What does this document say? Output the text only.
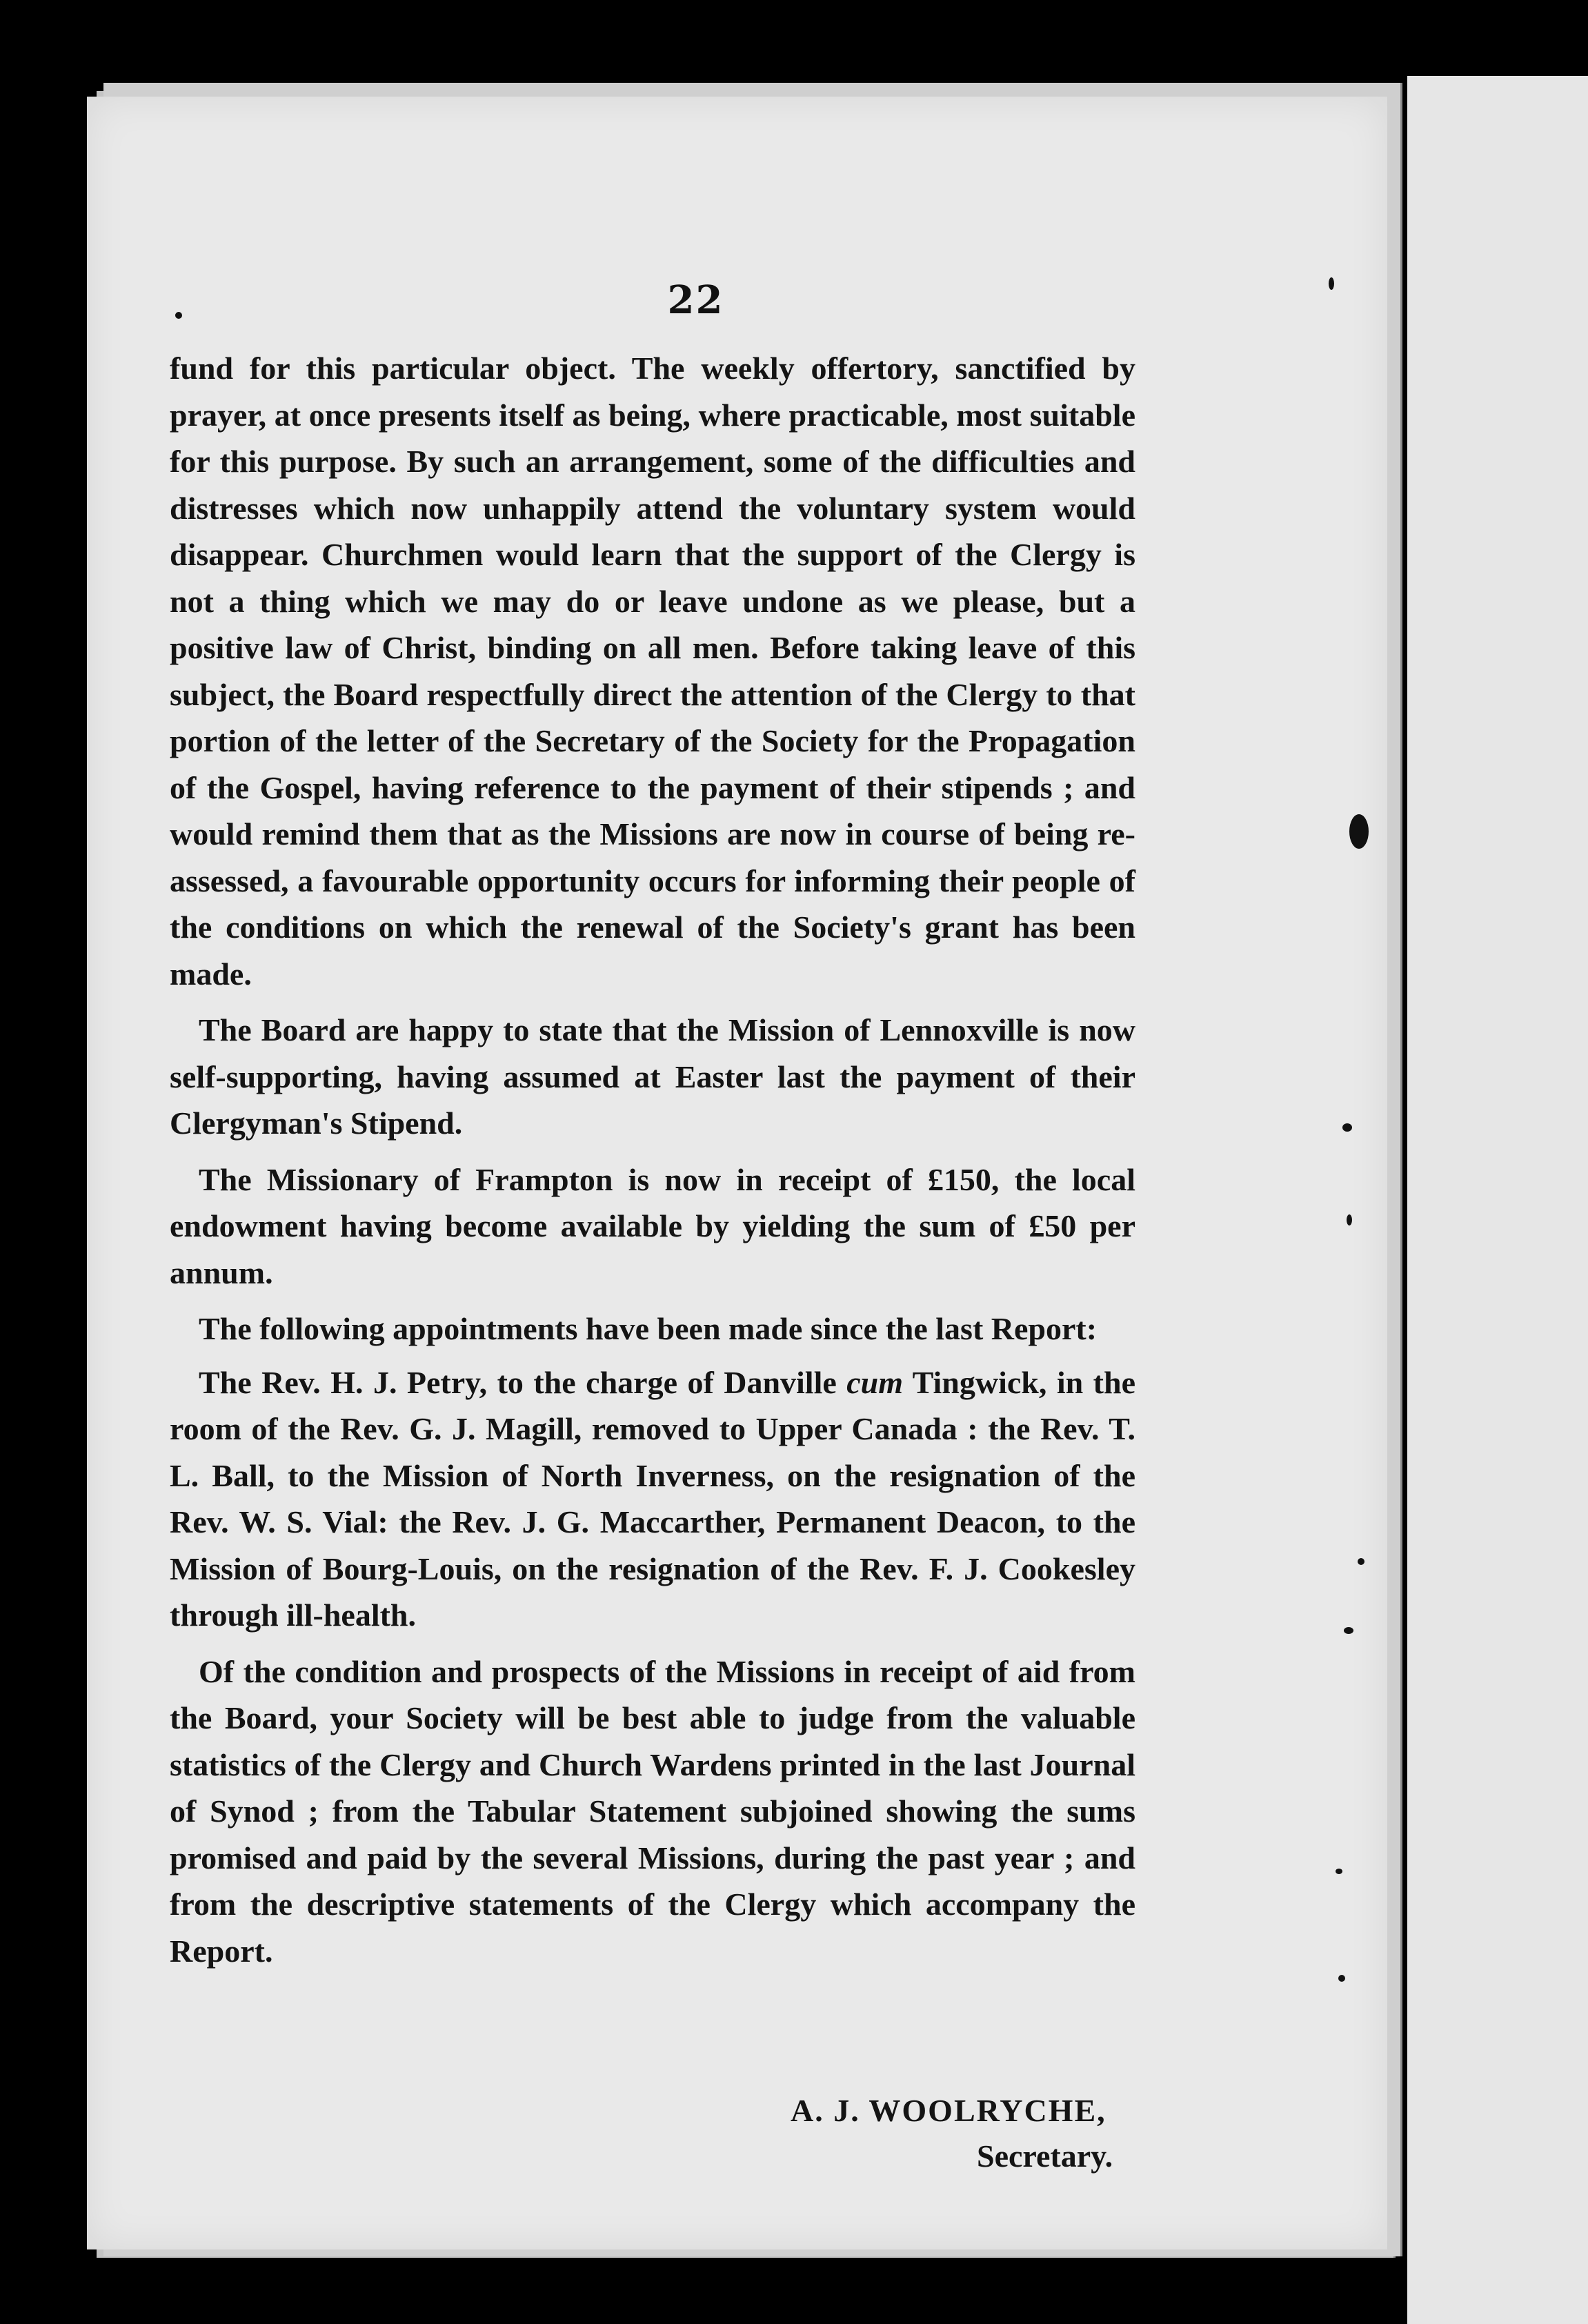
22

fund for this particular object. The weekly offertory, sanctified by prayer, at once presents itself as being, where practicable, most suitable for this purpose. By such an arrangement, some of the difficulties and distresses which now unhappily attend the voluntary system would disappear. Churchmen would learn that the support of the Clergy is not a thing which we may do or leave undone as we please, but a positive law of Christ, binding on all men. Before taking leave of this subject, the Board respectfully direct the attention of the Clergy to that portion of the letter of the Secretary of the Society for the Propagation of the Gospel, having reference to the payment of their stipends ; and would remind them that as the Missions are now in course of being re-assessed, a favourable opportunity occurs for informing their people of the conditions on which the renewal of the Society's grant has been made.

The Board are happy to state that the Mission of Lennoxville is now self-supporting, having assumed at Easter last the payment of their Clergyman's Stipend.

The Missionary of Frampton is now in receipt of £150, the local endowment having become available by yielding the sum of £50 per annum.

The following appointments have been made since the last Report:

The Rev. H. J. Petry, to the charge of Danville cum Tingwick, in the room of the Rev. G. J. Magill, removed to Upper Canada : the Rev. T. L. Ball, to the Mission of North Inverness, on the resignation of the Rev. W. S. Vial: the Rev. J. G. Maccarther, Permanent Deacon, to the Mission of Bourg-Louis, on the resignation of the Rev. F. J. Cookesley through ill-health.

Of the condition and prospects of the Missions in receipt of aid from the Board, your Society will be best able to judge from the valuable statistics of the Clergy and Church Wardens printed in the last Journal of Synod ; from the Tabular Statement subjoined showing the sums promised and paid by the several Missions, during the past year ; and from the descriptive statements of the Clergy which accompany the Report.

A. J. WOOLRYCHE,
Secretary.
